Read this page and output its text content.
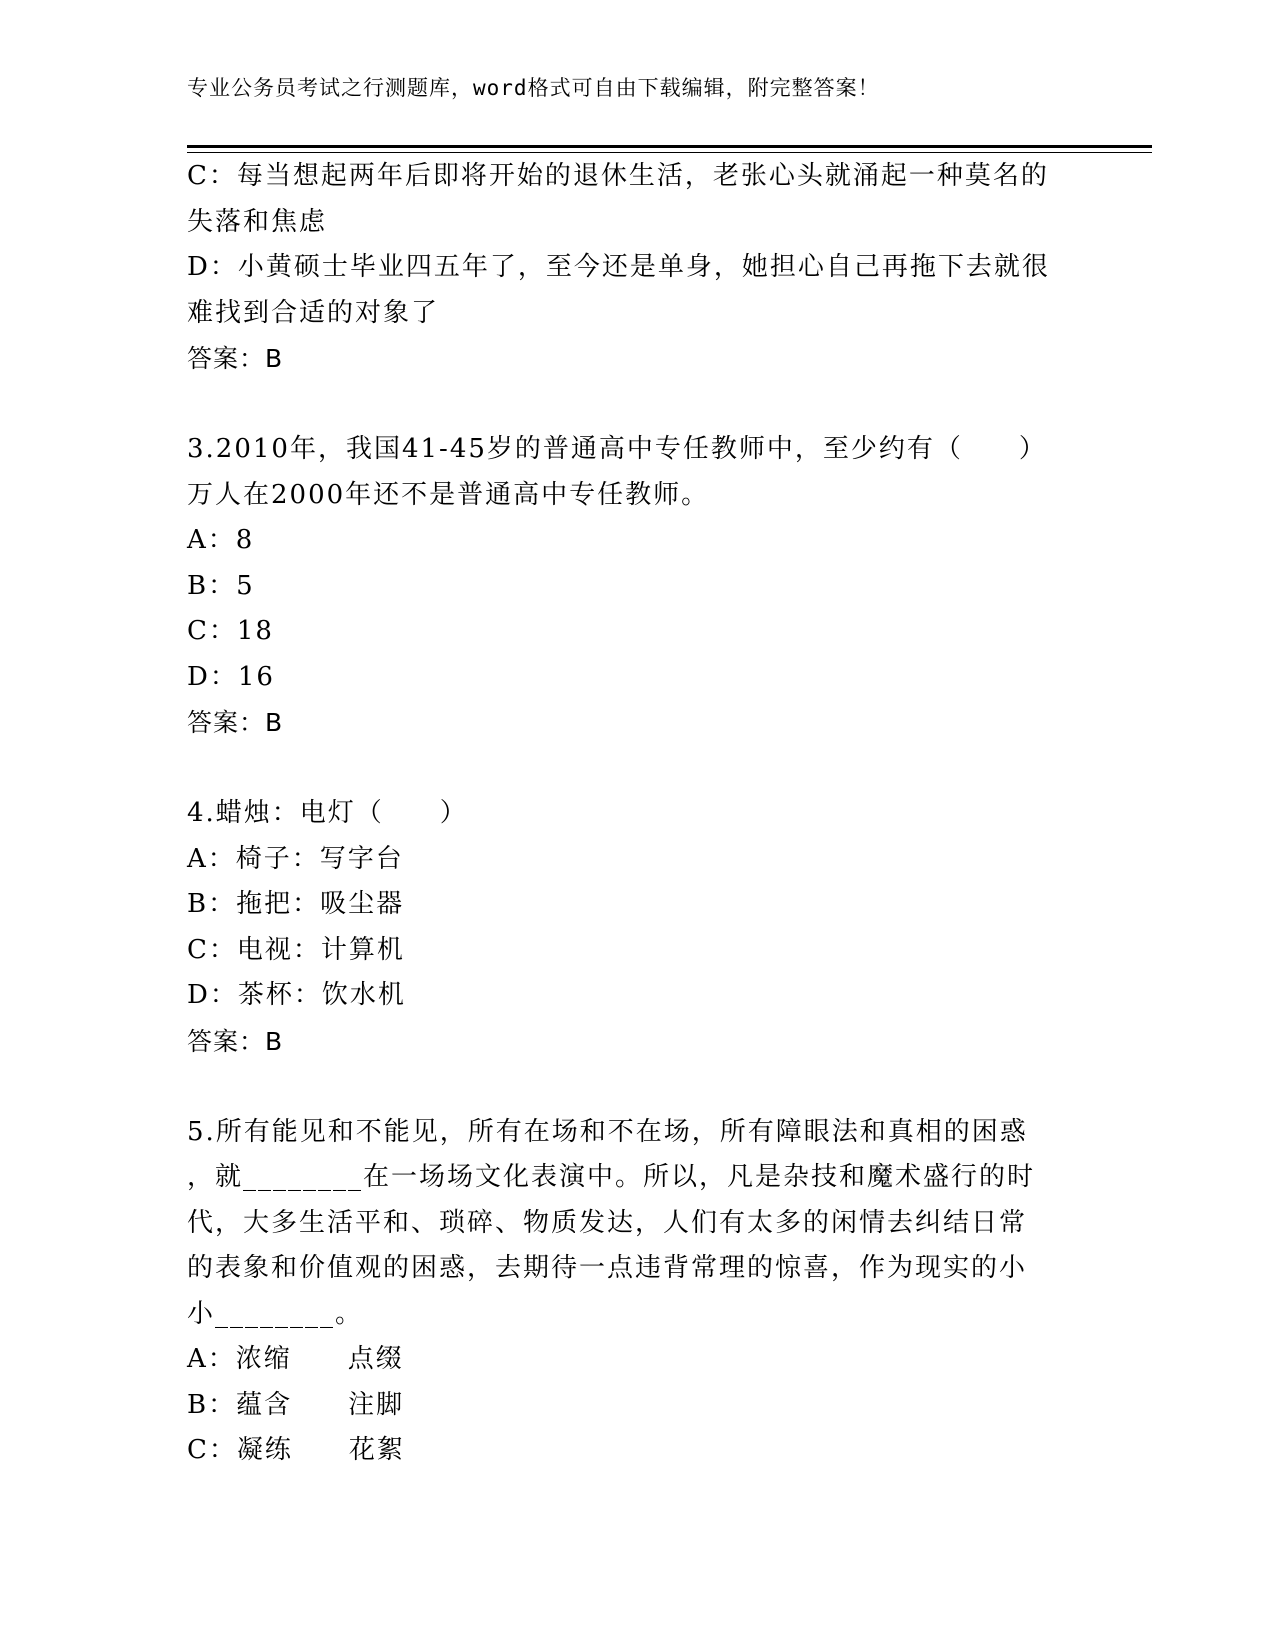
专业公务员考试之行测题库，word格式可自由下载编辑，附完整答案！
C：每当想起两年后即将开始的退休生活，老张心头就涌起一种莫名的
失落和焦虑
D：小黄硕士毕业四五年了，至今还是单身，她担心自己再拖下去就很
难找到合适的对象了
答案：B
3.2010年，我国41-45岁的普通高中专任教师中，至少约有（　　）
万人在2000年还不是普通高中专任教师。
A：8
B：5
C：18
D：16
答案：B
4.蜡烛：电灯（　　）
A：椅子：写字台
B：拖把：吸尘器
C：电视：计算机
D：茶杯：饮水机
答案：B
5.所有能见和不能见，所有在场和不在场，所有障眼法和真相的困惑
，就________在一场场文化表演中。所以，凡是杂技和魔术盛行的时
代，大多生活平和、琐碎、物质发达，人们有太多的闲情去纠结日常
的表象和价值观的困惑，去期待一点违背常理的惊喜，作为现实的小
小________。
A：浓缩　　点缀
B：蕴含　　注脚
C：凝练　　花絮
